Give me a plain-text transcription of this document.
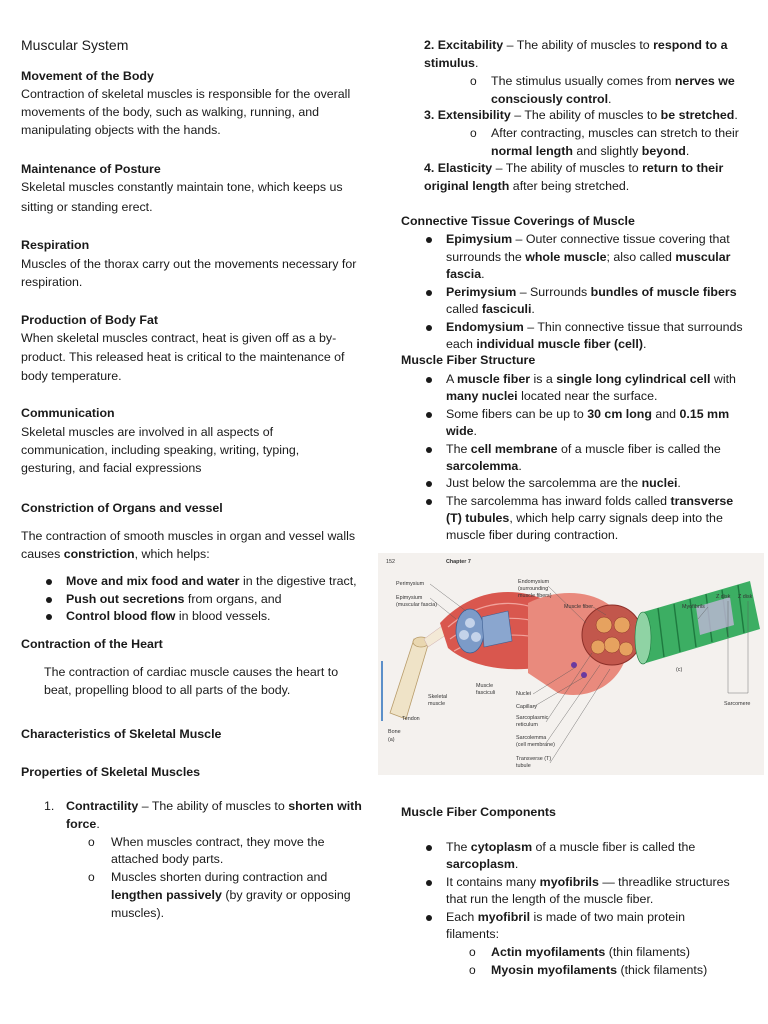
Muscular System
Movement of the Body
Contraction of skeletal muscles is responsible for the overall
movements of the body, such as walking, running, and
manipulating objects with the hands.
Maintenance of Posture
Skeletal muscles constantly maintain tone, which keeps us
sitting or standing erect.
Respiration
Muscles of the thorax carry out the movements necessary for
respiration.
Production of Body Fat
When skeletal muscles contract, heat is given off as a by-
product. This released heat is critical to the maintenance of
body temperature.
Communication
Skeletal muscles are involved in all aspects of
communication, including speaking, writing, typing,
gesturing, and facial expressions
Constriction of Organs and vessel
The contraction of smooth muscles in organ and vessel walls
causes constriction, which helps:
Move and mix food and water in the digestive tract,
Push out secretions from organs, and
Control blood flow in blood vessels.
Contraction of the Heart
The contraction of cardiac muscle causes the heart to
beat, propelling blood to all parts of the body.
Characteristics of Skeletal Muscle
Properties of Skeletal Muscles
1. Contractility – The ability of muscles to shorten with
force.
o When muscles contract, they move the
attached body parts.
o Muscles shorten during contraction and
lengthen passively (by gravity or opposing
muscles).
2. Excitability – The ability of muscles to respond to a
stimulus.
o The stimulus usually comes from nerves we
consciously control.
3. Extensibility – The ability of muscles to be stretched.
o After contracting, muscles can stretch to their
normal length and slightly beyond.
4. Elasticity – The ability of muscles to return to their
original length after being stretched.
Connective Tissue Coverings of Muscle
Epimysium – Outer connective tissue covering that
surrounds the whole muscle; also called muscular
fascia.
Perimysium – Surrounds bundles of muscle fibers
called fasciculi.
Endomysium – Thin connective tissue that surrounds
each individual muscle fiber (cell).
Muscle Fiber Structure
A muscle fiber is a single long cylindrical cell with
many nuclei located near the surface.
Some fibers can be up to 30 cm long and 0.15 mm
wide.
The cell membrane of a muscle fiber is called the
sarcolemma.
Just below the sarcolemma are the nuclei.
The sarcolemma has inward folds called transverse
(T) tubules, which help carry signals deep into the
muscle fiber during contraction.
Muscle Fiber Components
The cytoplasm of a muscle fiber is called the
sarcoplasm.
It contains many myofibrils — threadlike structures
that run the length of the muscle fiber.
Each myofibril is made of two main protein
filaments:
o Actin myofilaments (thin filaments)
o Myosin myofilaments (thick filaments)
152	Chapter 7
Perimysium
Epimysium
(muscular fascia)
Endomysium
(surrounding
muscle fibers)
Muscle fiber	Myofibrils
Z disk Z disk
(c)
Skeletal
muscle
Muscle
fasciculi	Nuclei
Capillary
Sarcoplasmic
reticulum
Sarcolemma
(cell membrane)
Transverse (T)
tubule
Tendon
Bone
(a)
Sarcomere
